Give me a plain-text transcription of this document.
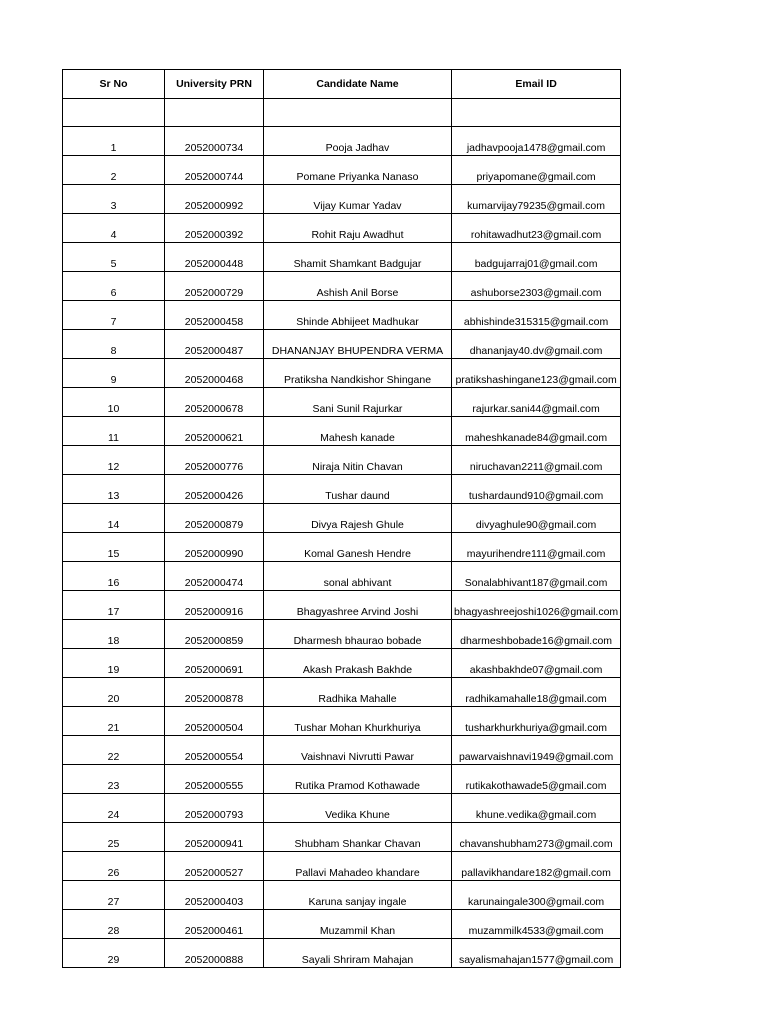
Sr No	University PRN	Candidate Name	Email ID

1	2052000734	Pooja Jadhav	jadhavpooja1478@gmail.com
2	2052000744	Pomane Priyanka Nanaso	priyapomane@gmail.com
3	2052000992	Vijay Kumar Yadav	kumarvijay79235@gmail.com
4	2052000392	Rohit Raju Awadhut	rohitawadhut23@gmail.com
5	2052000448	Shamit Shamkant Badgujar	badgujarraj01@gmail.com
6	2052000729	Ashish Anil Borse	ashuborse2303@gmail.com
7	2052000458	Shinde Abhijeet Madhukar	abhishinde315315@gmail.com
8	2052000487	DHANANJAY BHUPENDRA VERMA	dhananjay40.dv@gmail.com
9	2052000468	Pratiksha Nandkishor Shingane	pratikshashingane123@gmail.com
10	2052000678	Sani Sunil Rajurkar	rajurkar.sani44@gmail.com
11	2052000621	Mahesh kanade	maheshkanade84@gmail.com
12	2052000776	Niraja Nitin Chavan	niruchavan2211@gmail.com
13	2052000426	Tushar daund	tushardaund910@gmail.com
14	2052000879	Divya Rajesh Ghule	divyaghule90@gmail.com
15	2052000990	Komal Ganesh Hendre	mayurihendre111@gmail.com
16	2052000474	sonal abhivant	Sonalabhivant187@gmail.com
17	2052000916	Bhagyashree Arvind Joshi	bhagyashreejoshi1026@gmail.com
18	2052000859	Dharmesh bhaurao bobade	dharmeshbobade16@gmail.com
19	2052000691	Akash Prakash Bakhde	akashbakhde07@gmail.com
20	2052000878	Radhika Mahalle	radhikamahalle18@gmail.com
21	2052000504	Tushar Mohan Khurkhuriya	tusharkhurkhuriya@gmail.com
22	2052000554	Vaishnavi Nivrutti Pawar	pawarvaishnavi1949@gmail.com
23	2052000555	Rutika Pramod Kothawade	rutikakothawade5@gmail.com
24	2052000793	Vedika Khune	khune.vedika@gmail.com
25	2052000941	Shubham Shankar Chavan	chavanshubham273@gmail.com
26	2052000527	Pallavi Mahadeo khandare	pallavikhandare182@gmail.com
27	2052000403	Karuna sanjay ingale	karunaingale300@gmail.com
28	2052000461	Muzammil Khan	muzammilk4533@gmail.com
29	2052000888	Sayali Shriram Mahajan	sayalismahajan1577@gmail.com
